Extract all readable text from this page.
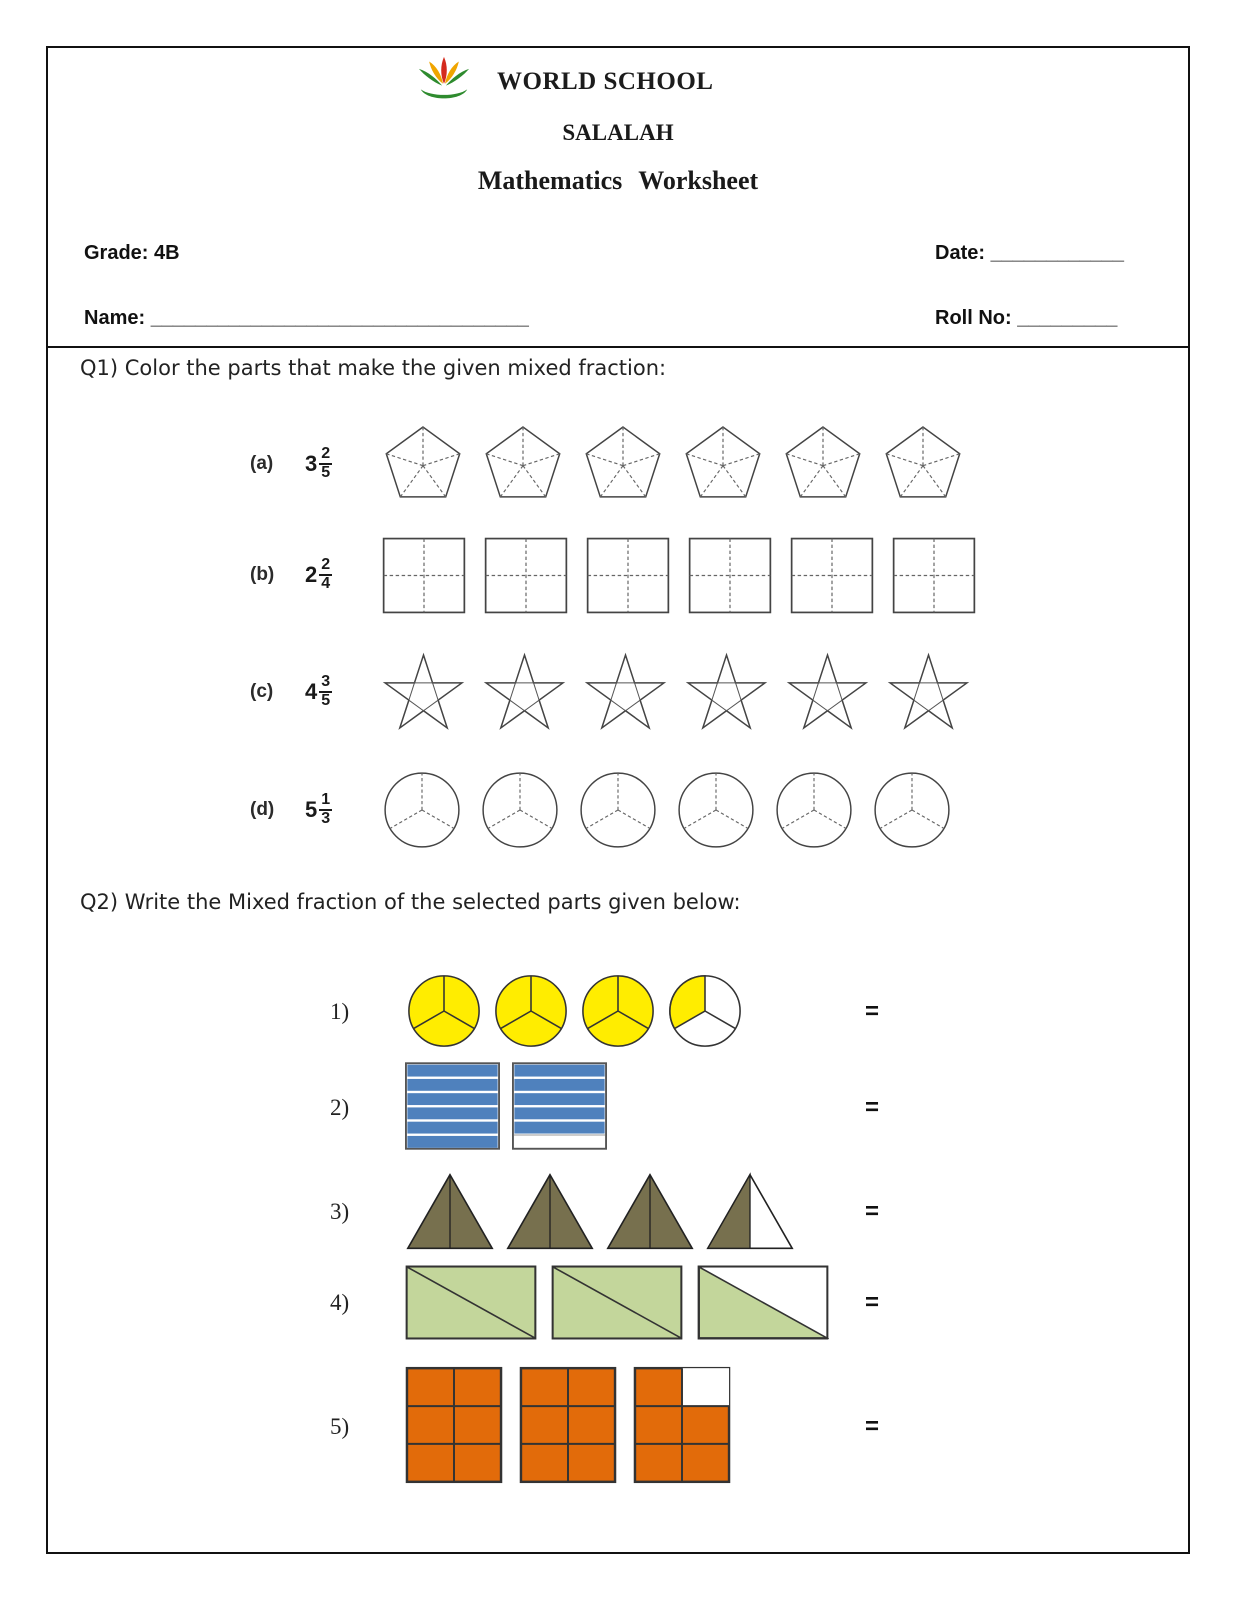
WORLD SCHOOL
SALALAH
Mathematics Worksheet
Grade: 4B	Date: ____________
Name: __________________________________	Roll No: _________
Q1) Color the parts that make the given mixed fraction:
(a)	$3 \frac{2}{5}$
(b)	$2 \frac{2}{4}$
(c)	$4 \frac{3}{5}$
(d)	$5 \frac{1}{3}$
Q2) Write the Mixed fraction of the selected parts given below:
1)	=
2)	=
3)	=
4)	=
5)	=
